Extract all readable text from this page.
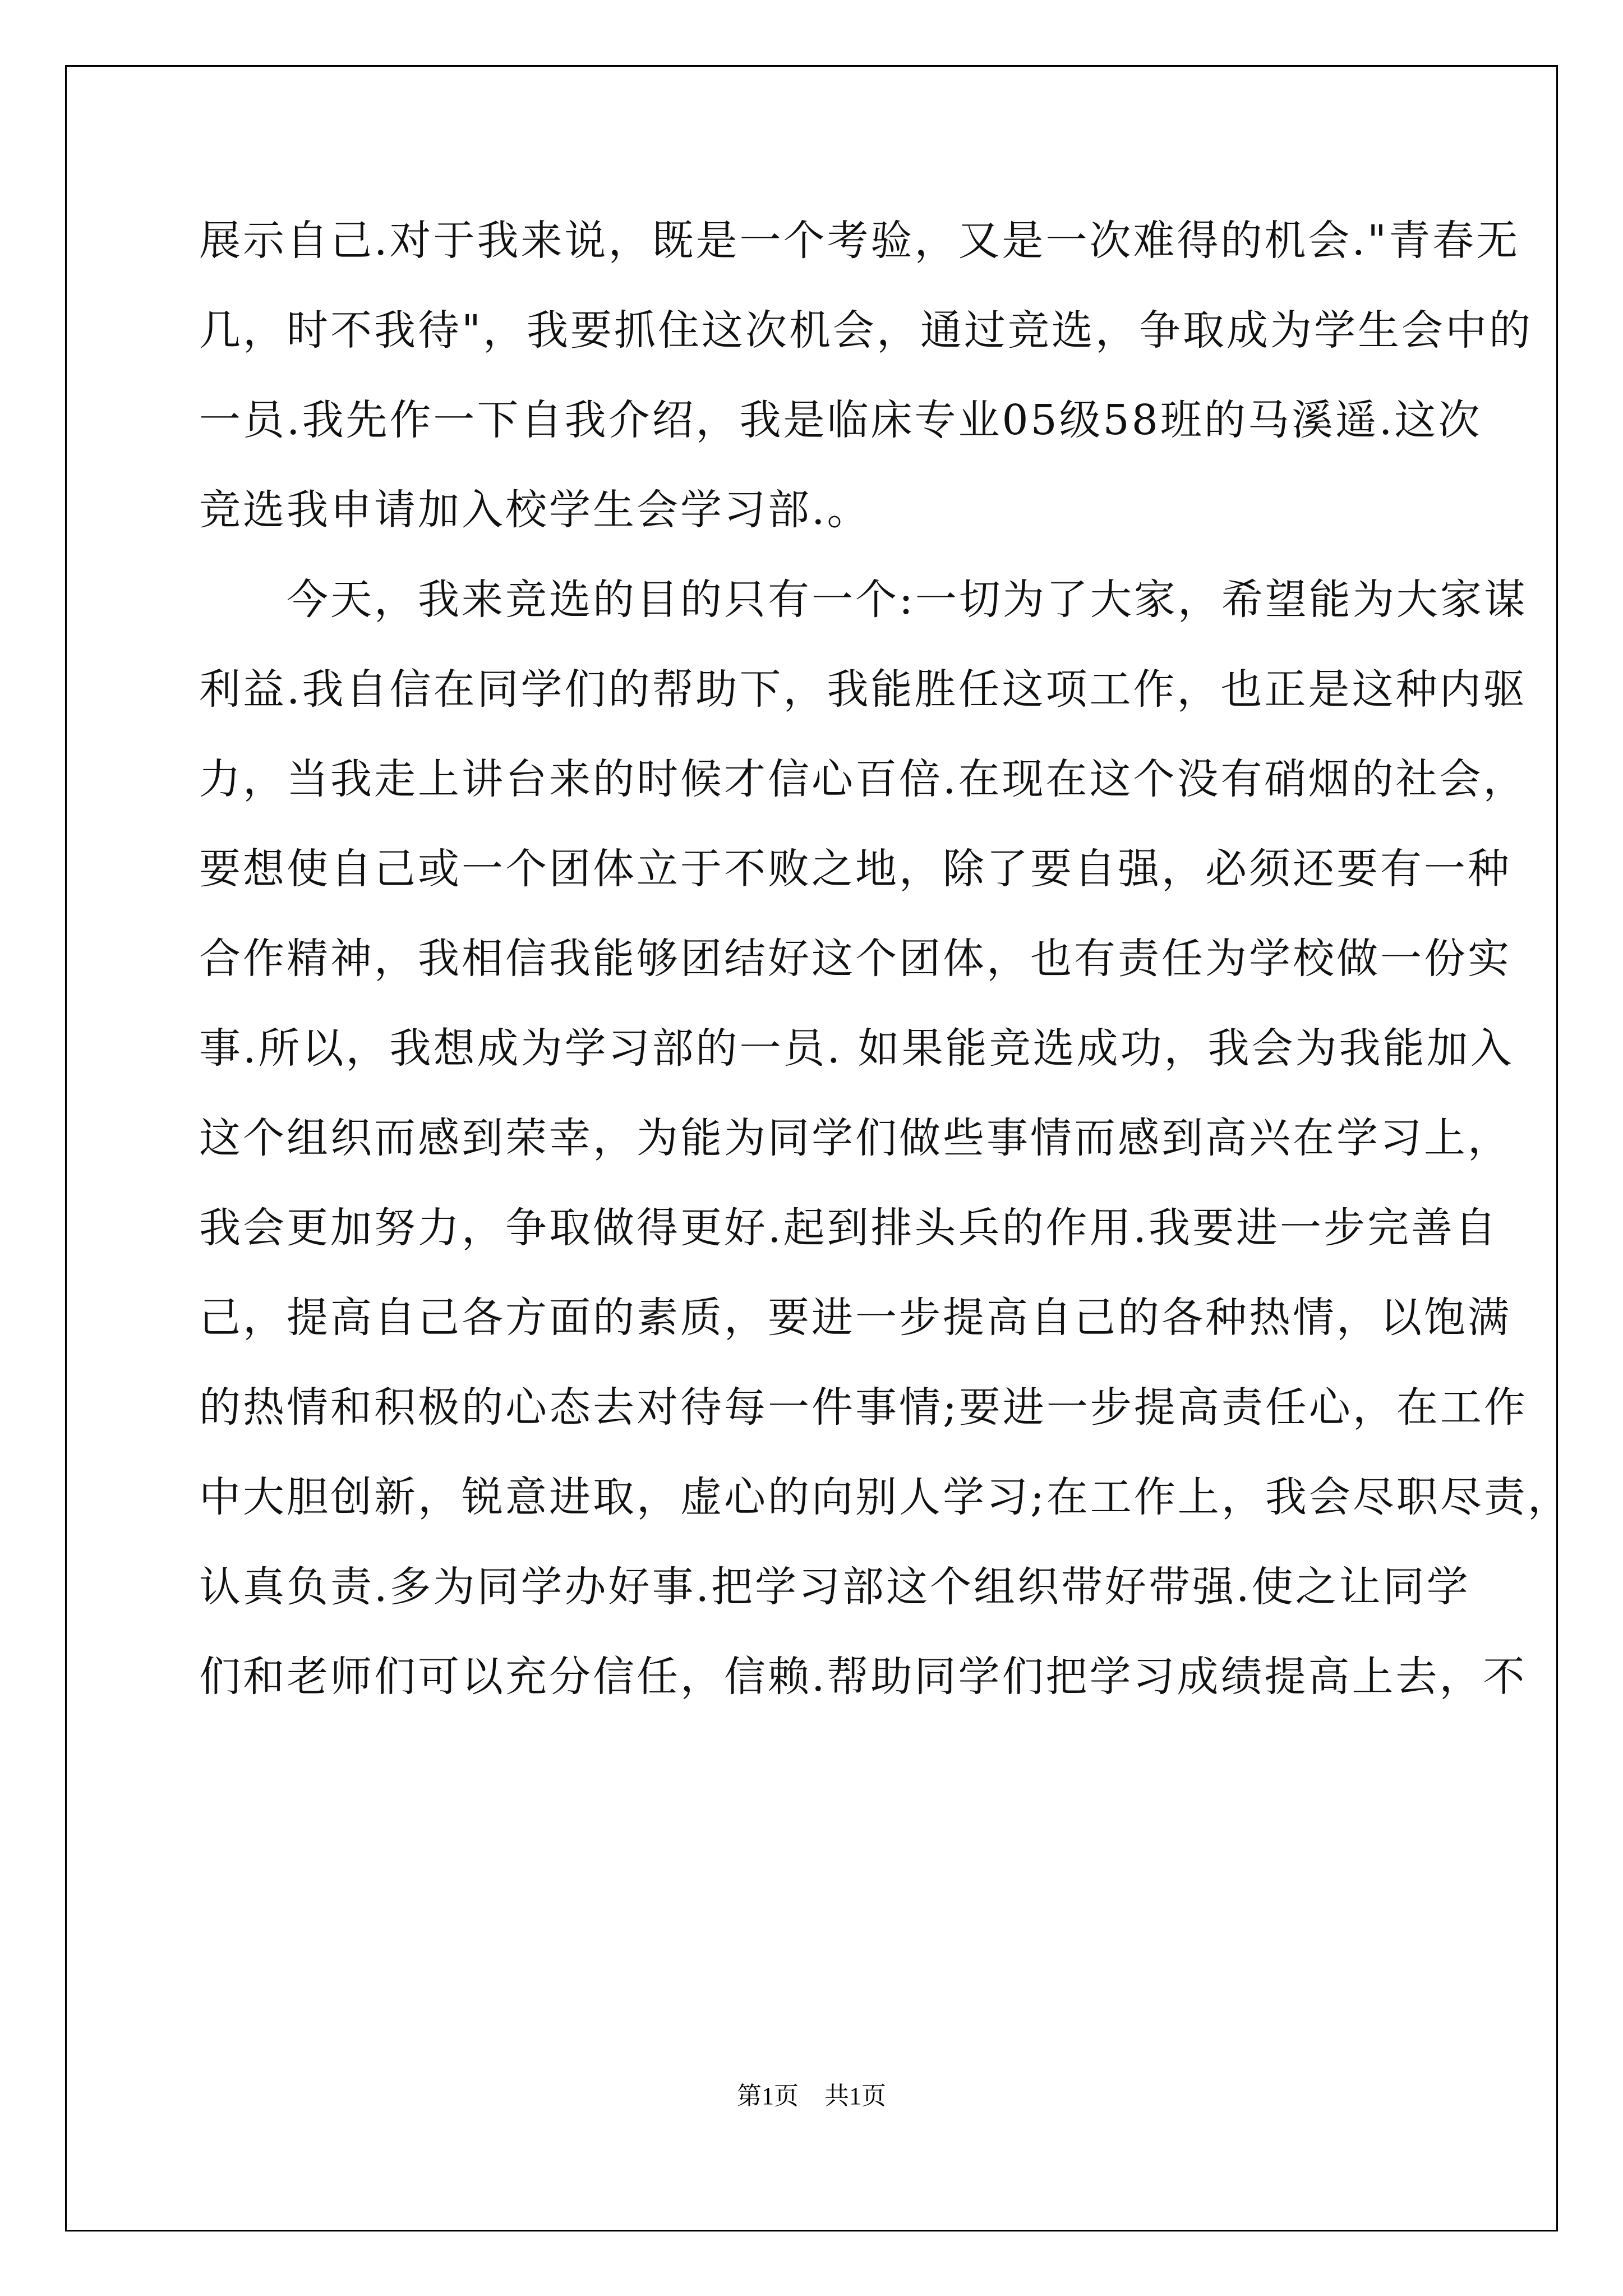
展示自己.对于我来说，既是一个考验，又是一次难得的机会."青春无
几，时不我待"，我要抓住这次机会，通过竞选，争取成为学生会中的
一员.我先作一下自我介绍，我是临床专业05级58班的马溪遥.这次
竞选我申请加入校学生会学习部.。
　　今天，我来竞选的目的只有一个:一切为了大家，希望能为大家谋
利益.我自信在同学们的帮助下，我能胜任这项工作，也正是这种内驱
力，当我走上讲台来的时候才信心百倍.在现在这个没有硝烟的社会，
要想使自己或一个团体立于不败之地，除了要自强，必须还要有一种
合作精神，我相信我能够团结好这个团体，也有责任为学校做一份实
事.所以，我想成为学习部的一员. 如果能竞选成功，我会为我能加入
这个组织而感到荣幸，为能为同学们做些事情而感到高兴在学习上，
我会更加努力，争取做得更好.起到排头兵的作用.我要进一步完善自
己，提高自己各方面的素质，要进一步提高自己的各种热情，以饱满
的热情和积极的心态去对待每一件事情;要进一步提高责任心，在工作
中大胆创新，锐意进取，虚心的向别人学习;在工作上，我会尽职尽责，
认真负责.多为同学办好事.把学习部这个组织带好带强.使之让同学
们和老师们可以充分信任，信赖.帮助同学们把学习成绩提高上去，不
第1页 共1页
